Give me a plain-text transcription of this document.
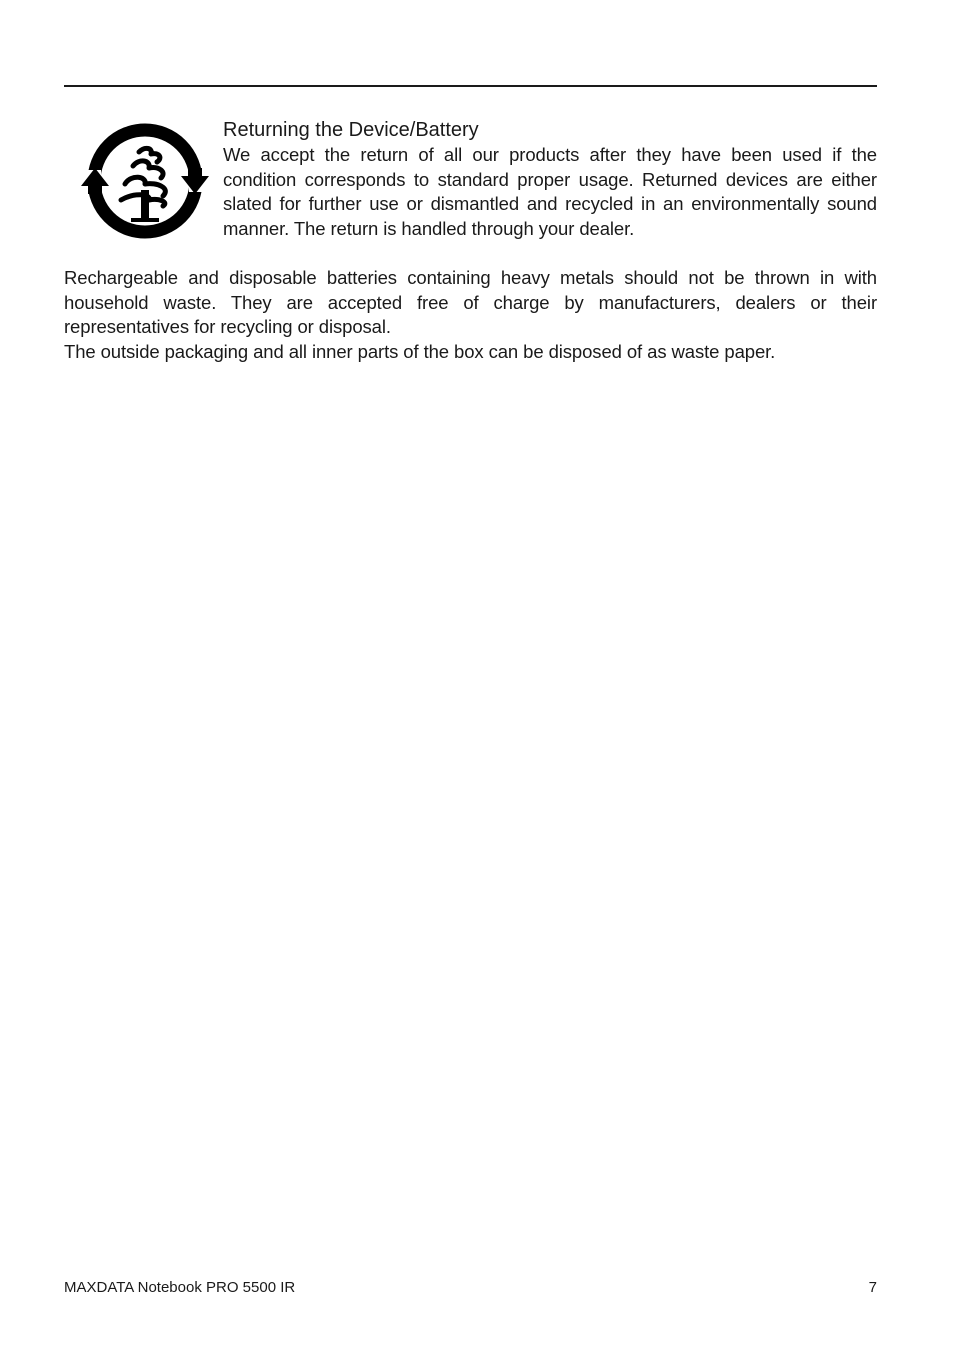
Returning the Device/Battery

We accept the return of all our products after they have been used if the condition corresponds to standard proper usage. Returned devices are either slated for further use or dismantled and recycled in an environmentally sound manner. The return is handled through your dealer.

Rechargeable and disposable batteries containing heavy metals should not be thrown in with household waste. They are accepted free of charge by manufacturers, dealers or their representatives for recycling or disposal.

The outside packaging and all inner parts of the box can be disposed of as waste paper.

MAXDATA Notebook PRO 5500 IR	7
